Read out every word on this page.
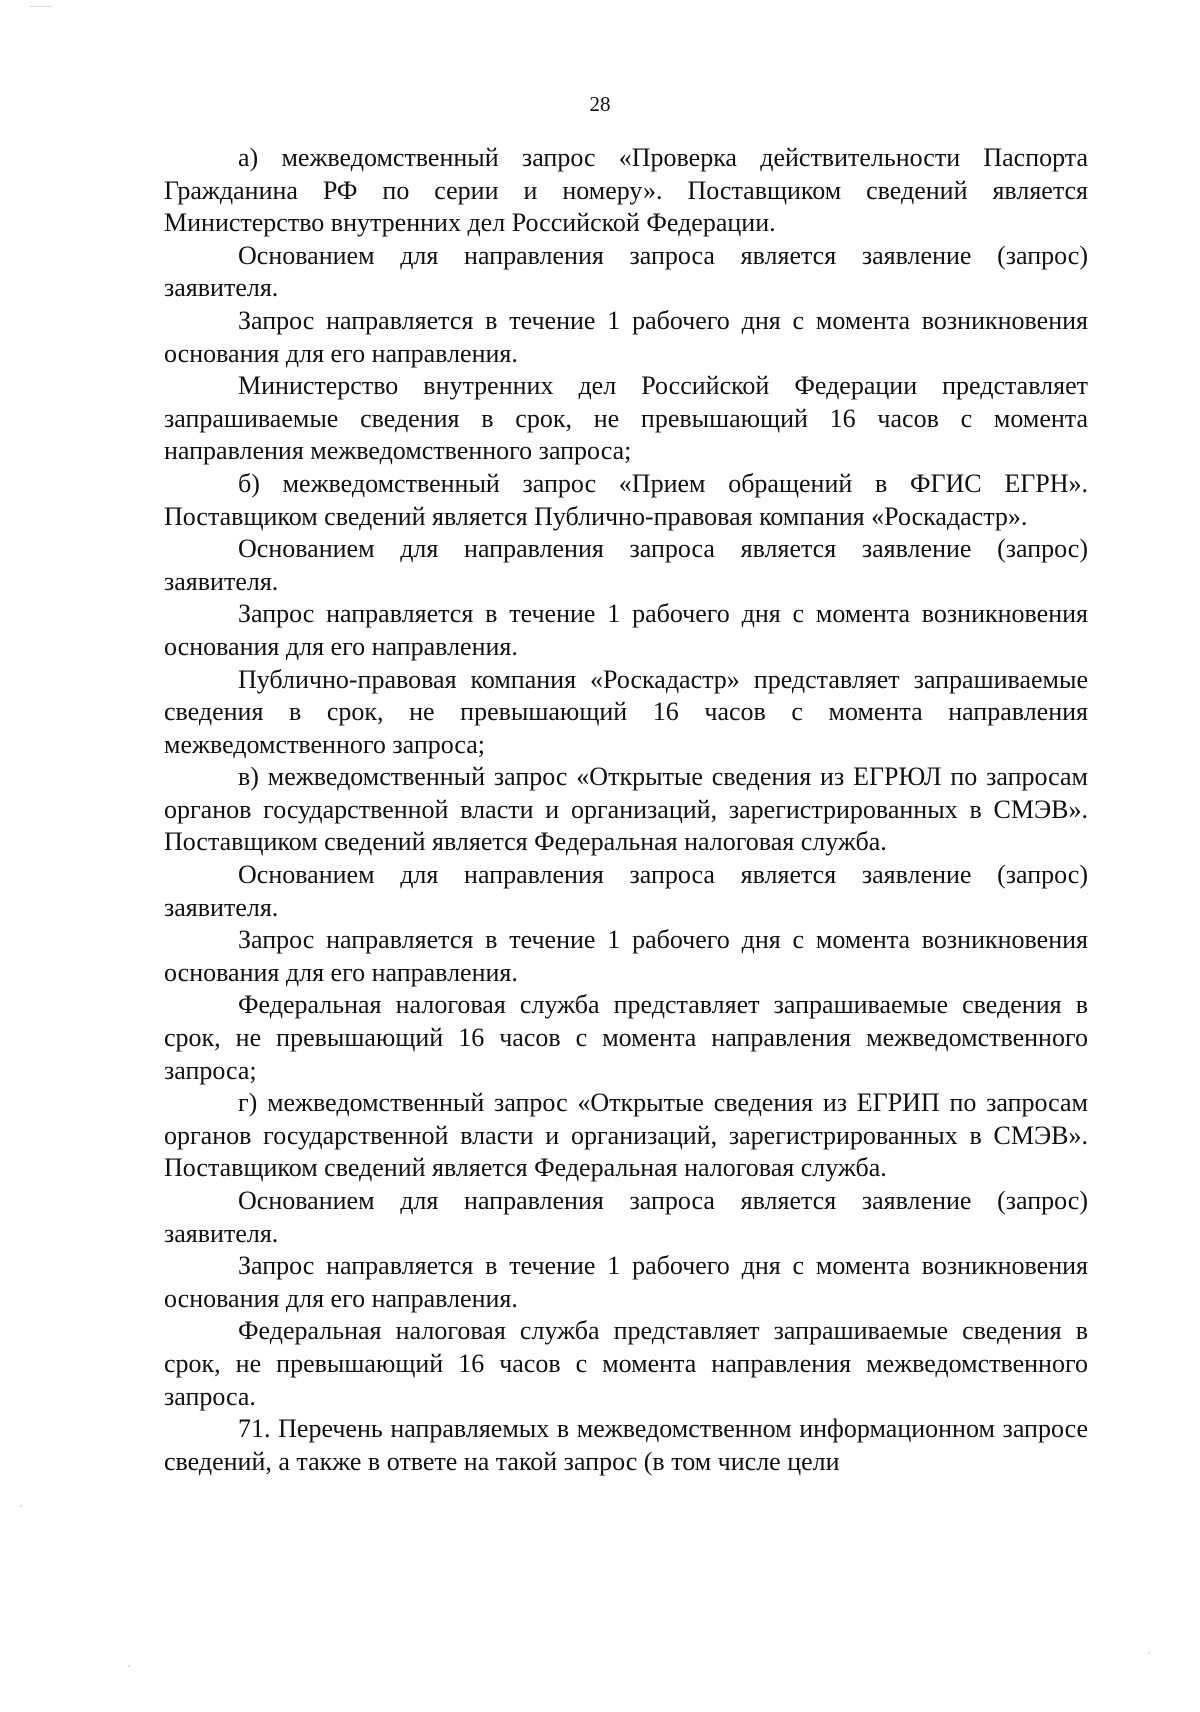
28

а) межведомственный запрос «Проверка действительности Паспорта Гражданина РФ по серии и номеру». Поставщиком сведений является Министерство внутренних дел Российской Федерации.

Основанием для направления запроса является заявление (запрос) заявителя.

Запрос направляется в течение 1 рабочего дня с момента возникновения основания для его направления.

Министерство внутренних дел Российской Федерации представляет запрашиваемые сведения в срок, не превышающий 16 часов с момента направления межведомственного запроса;

б) межведомственный запрос «Прием обращений в ФГИС ЕГРН». Поставщиком сведений является Публично-правовая компания «Роскадастр».

Основанием для направления запроса является заявление (запрос) заявителя.

Запрос направляется в течение 1 рабочего дня с момента возникновения основания для его направления.

Публично-правовая компания «Роскадастр» представляет запрашиваемые сведения в срок, не превышающий 16 часов с момента направления межведомственного запроса;

в) межведомственный запрос «Открытые сведения из ЕГРЮЛ по запросам органов государственной власти и организаций, зарегистрированных в СМЭВ». Поставщиком сведений является Федеральная налоговая служба.

Основанием для направления запроса является заявление (запрос) заявителя.

Запрос направляется в течение 1 рабочего дня с момента возникновения основания для его направления.

Федеральная налоговая служба представляет запрашиваемые сведения в срок, не превышающий 16 часов с момента направления межведомственного запроса;

г) межведомственный запрос «Открытые сведения из ЕГРИП по запросам органов государственной власти и организаций, зарегистрированных в СМЭВ». Поставщиком сведений является Федеральная налоговая служба.

Основанием для направления запроса является заявление (запрос) заявителя.

Запрос направляется в течение 1 рабочего дня с момента возникновения основания для его направления.

Федеральная налоговая служба представляет запрашиваемые сведения в срок, не превышающий 16 часов с момента направления межведомственного запроса.

71. Перечень направляемых в межведомственном информационном запросе сведений, а также в ответе на такой запрос (в том числе цели
